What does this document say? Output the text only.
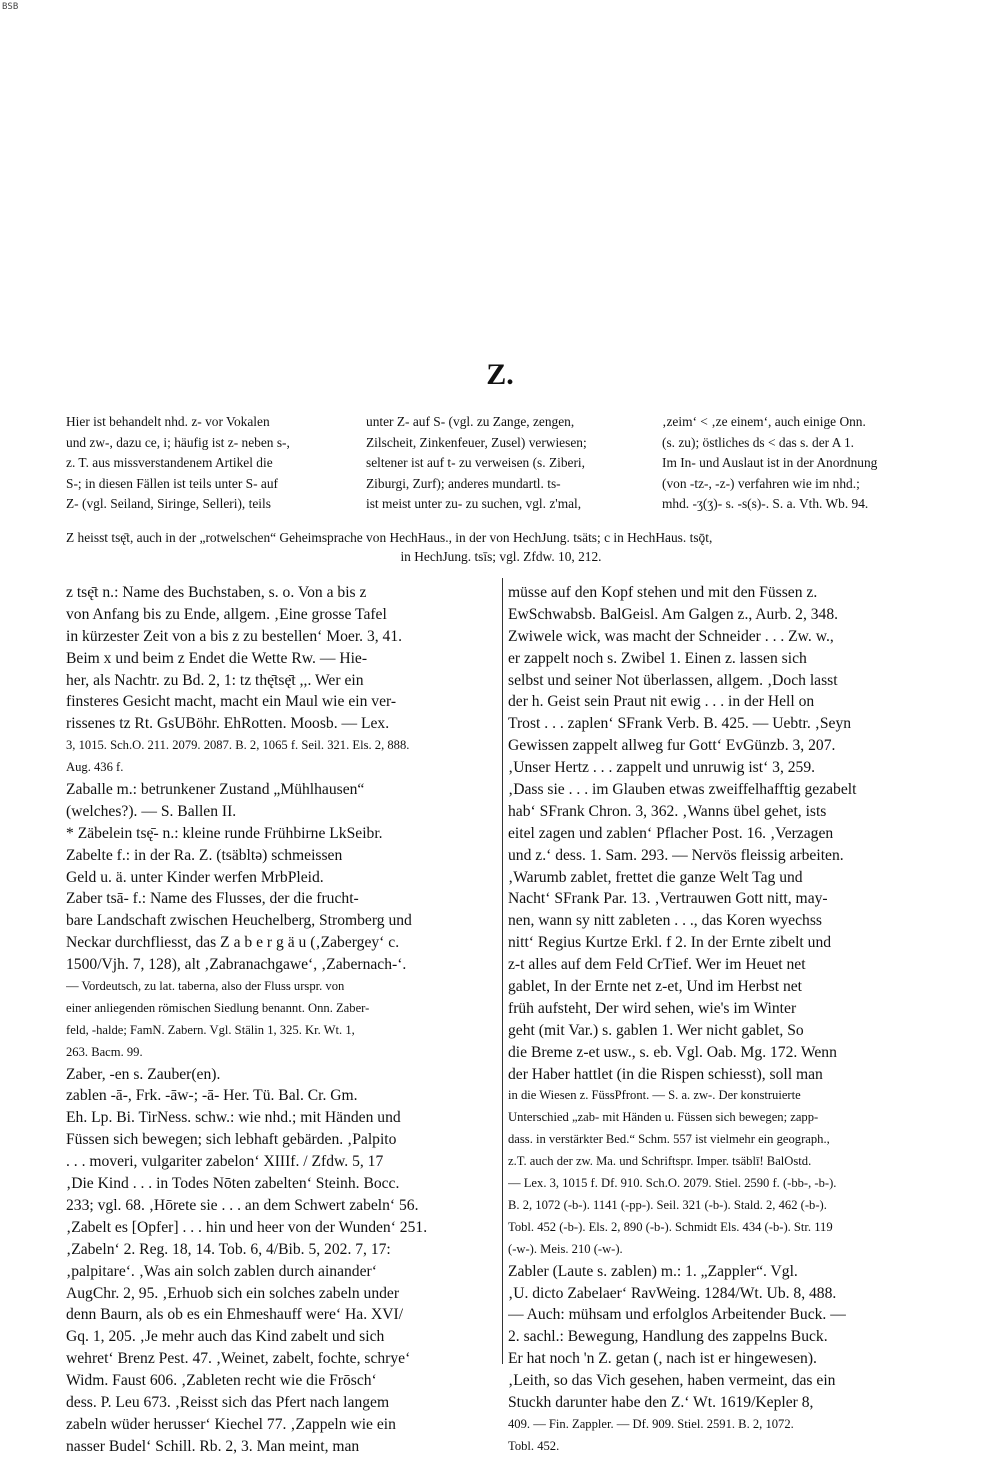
BSB
Z.
Hier ist behandelt nhd. z- vor Vokalen
und zw-, dazu ce, i; häufig ist z- neben s-,
z. T. aus missverstandenem Artikel die
S-; in diesen Fällen ist teils unter S- auf
Z- (vgl. Seiland, Siringe, Selleri), teils
unter Z- auf S- (vgl. zu Zange, zengen,
Zilscheit, Zinkenfeuer, Zusel) verwiesen;
seltener ist auf t- zu verweisen (s. Ziberi,
Ziburgi, Zurf); anderes mundartl. ts-
ist meist unter zu- zu suchen, vgl. z'mal,
‚zeim‘ < ‚ze einem‘, auch einige Onn.
(s. zu); östliches ds < das s. der A 1.
Im In- und Auslaut ist in der Anordnung
(von -tz-, -z-) verfahren wie im nhd.;
mhd. -ʒ(ʒ)- s. -s(s)-. S. a. Vth. Wb. 94.
Z heisst tsę̄t, auch in der „rotwelschen“ Geheimsprache von HechHaus., in der von HechJung. tsäts; c in HechHaus. tsǭt,
in HechJung. tsīs; vgl. Zfdw. 10, 212.
z tsę̄t n.: Name des Buchstaben, s. o. Von a bis z
von Anfang bis zu Ende, allgem. ‚Eine grosse Tafel
in kürzester Zeit von a bis z zu bestellen‘ Moer. 3, 41.
Beim x und beim z Endet die Wette Rw. — Hie-
her, als Nachtr. zu Bd. 2, 1: tz thę̄tsę̄t ,,. Wer ein
finsteres Gesicht macht, macht ein Maul wie ein ver-
rissenes tz Rt. GsUBöhr. EhRotten. Moosb. — Lex.
3, 1015. Sch.O. 211. 2079. 2087. B. 2, 1065 f. Seil. 321. Els. 2, 888.
Aug. 436 f.
Zaballe m.: betrunkener Zustand „Mühlhausen“
(welches?). — S. Ballen II.
* Zäbelein tsę̄- n.: kleine runde Frühbirne LkSeibr.
Zabelte f.: in der Ra. Z. (tsäbltə) schmeissen
Geld u. ä. unter Kinder werfen MrbPleid.
Zaber tsā- f.: Name des Flusses, der die frucht-
bare Landschaft zwischen Heuchelberg, Stromberg und
Neckar durchfliesst, das Z a b e r g ä u (‚Zabergey‘ c.
1500/Vjh. 7, 128), alt ‚Zabranachgawe‘, ‚Zabernach-‘.
— Vordeutsch, zu lat. taberna, also der Fluss urspr. von
einer anliegenden römischen Siedlung benannt. Onn. Zaber-
feld, -halde; FamN. Zabern. Vgl. Stälin 1, 325. Kr. Wt. 1,
263. Bacm. 99.
Zaber, -en s. Zauber(en).
zablen -ā-, Frk. -āw-; -ā- Her. Tü. Bal. Cr. Gm.
Eh. Lp. Bi. TirNess. schw.: wie nhd.; mit Händen und
Füssen sich bewegen; sich lebhaft gebärden. ‚Palpito
. . . moveri, vulgariter zabelon‘ XIIIf. / Zfdw. 5, 17
‚Die Kind . . . in Todes Nōten zabelten‘ Steinh. Bocc.
233; vgl. 68. ‚Hōrete sie . . . an dem Schwert zabeln‘ 56.
‚Zabelt es [Opfer] . . . hin und heer von der Wunden‘ 251.
‚Zabeln‘ 2. Reg. 18, 14. Tob. 6, 4/Bib. 5, 202. 7, 17:
‚palpitare‘. ‚Was ain solch zablen durch ainander‘
AugChr. 2, 95. ‚Erhuob sich ein solches zabeln under
denn Baurn, als ob es ein Ehmeshauff were‘ Ha. XVI/
Gq. 1, 205. ‚Je mehr auch das Kind zabelt und sich
wehret‘ Brenz Pest. 47. ‚Weinet, zabelt, fochte, schrye‘
Widm. Faust 606. ‚Zableten recht wie die Frōsch‘
dess. P. Leu 673. ‚Reisst sich das Pfert nach langem
zabeln wüder herusser‘ Kiechel 77. ‚Zappeln wie ein
nasser Budel‘ Schill. Rb. 2, 3. Man meint, man
müsse auf den Kopf stehen und mit den Füssen z.
EwSchwabsb. BalGeisl. Am Galgen z., Aurb. 2, 348.
Zwiwele wick, was macht der Schneider . . . Zw. w.,
er zappelt noch s. Zwibel 1. Einen z. lassen sich
selbst und seiner Not überlassen, allgem. ‚Doch lasst
der h. Geist sein Praut nit ewig . . . in der Hell on
Trost . . . zaplen‘ SFrank Verb. B. 425. — Uebtr. ‚Seyn
Gewissen zappelt allweg fur Gott‘ EvGünzb. 3, 207.
‚Unser Hertz . . . zappelt und unruwig ist‘ 3, 259.
‚Dass sie . . . im Glauben etwas zweiffelhafftig gezabelt
hab‘ SFrank Chron. 3, 362. ‚Wanns übel gehet, ists
eitel zagen und zablen‘ Pflacher Post. 16. ‚Verzagen
und z.‘ dess. 1. Sam. 293. — Nervös fleissig arbeiten.
‚Warumb zablet, frettet die ganze Welt Tag und
Nacht‘ SFrank Par. 13. ‚Vertrauwen Gott nitt, may-
nen, wann sy nitt zableten . . ., das Koren wyechss
nitt‘ Regius Kurtze Erkl. f 2. In der Ernte zibelt und
z-t alles auf dem Feld CrTief. Wer im Heuet net
gablet, In der Ernte net z-et, Und im Herbst net
früh aufsteht, Der wird sehen, wie's im Winter
geht (mit Var.) s. gablen 1. Wer nicht gablet, So
die Breme z-et usw., s. eb. Vgl. Oab. Mg. 172. Wenn
der Haber hattlet (in die Rispen schiesst), soll man
in die Wiesen z. FüssPfront. — S. a. zw-. Der konstruierte
Unterschied „zab- mit Händen u. Füssen sich bewegen; zapp-
dass. in verstärkter Bed.“ Schm. 557 ist vielmehr ein geograph.,
z.T. auch der zw. Ma. und Schriftspr. Imper. tsäblī! BalOstd.
— Lex. 3, 1015 f. Df. 910. Sch.O. 2079. Stiel. 2590 f. (-bb-, -b-).
B. 2, 1072 (-b-). 1141 (-pp-). Seil. 321 (-b-). Stald. 2, 462 (-b-).
Tobl. 452 (-b-). Els. 2, 890 (-b-). Schmidt Els. 434 (-b-). Str. 119
(-w-). Meis. 210 (-w-).
Zabler (Laute s. zablen) m.: 1. „Zappler“. Vgl.
‚U. dicto Zabelaer‘ RavWeing. 1284/Wt. Ub. 8, 488.
— Auch: mühsam und erfolglos Arbeitender Buck. —
2. sachl.: Bewegung, Handlung des zappelns Buck.
Er hat noch 'n Z. getan (, nach ist er hingewesen).
‚Leith, so das Vich gesehen, haben vermeint, das ein
Stuckh darunter habe den Z.‘ Wt. 1619/Kepler 8,
409. — Fin. Zappler. — Df. 909. Stiel. 2591. B. 2, 1072.
Tobl. 452.
